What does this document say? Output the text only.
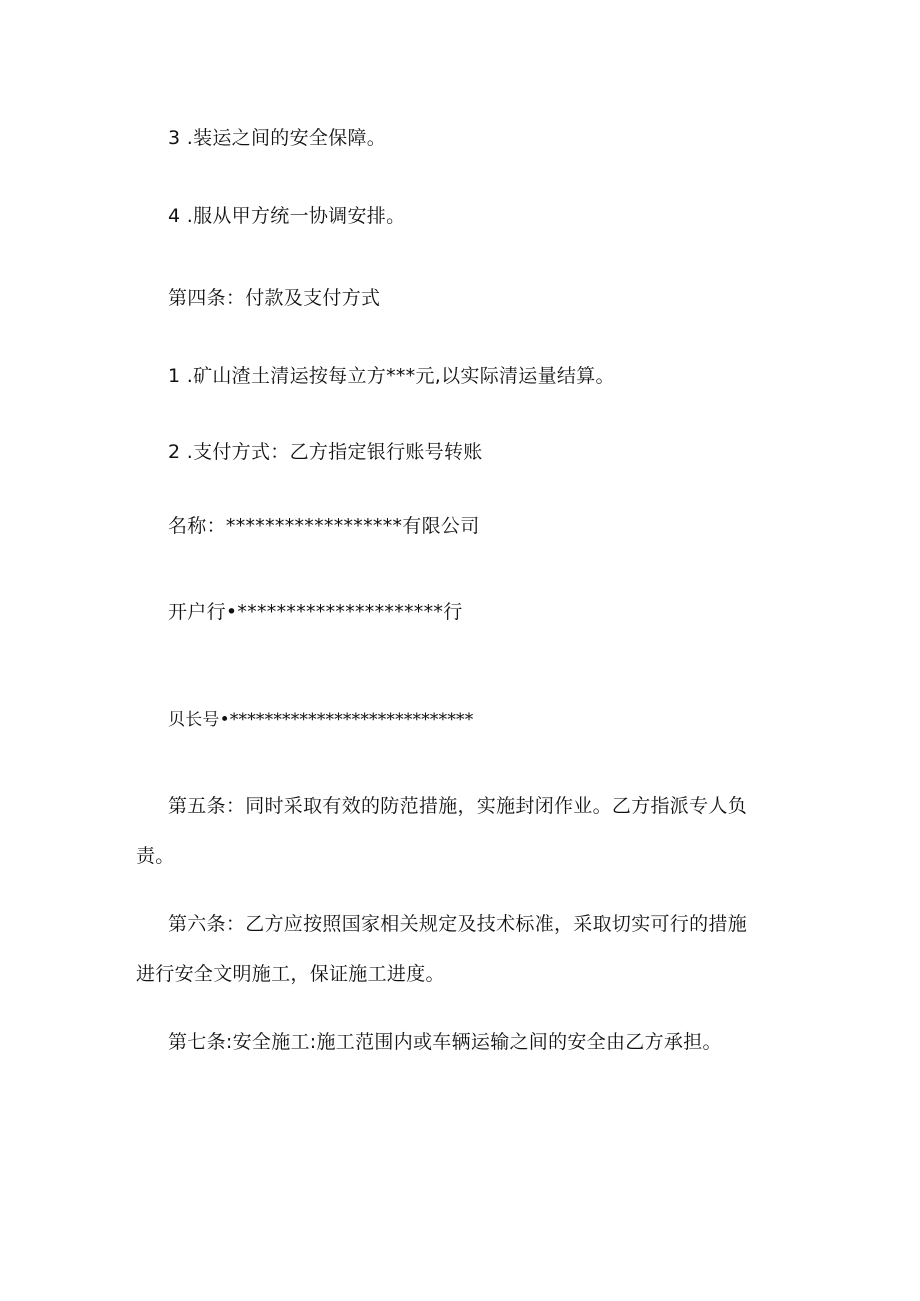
3 .装运之间的安全保障。
4 .服从甲方统一协调安排。
第四条：付款及支付方式
1 .矿山渣土清运按每立方***元,以实际清运量结算。
2 .支付方式：乙方指定银行账号转账
名称：******************有限公司
开户行•*********************行
贝长号•****************************
第五条：同时采取有效的防范措施，实施封闭作业。乙方指派专人负
责。
第六条：乙方应按照国家相关规定及技术标准，采取切实可行的措施
进行安全文明施工，保证施工进度。
第七条:安全施工:施工范围内或车辆运输之间的安全由乙方承担。
